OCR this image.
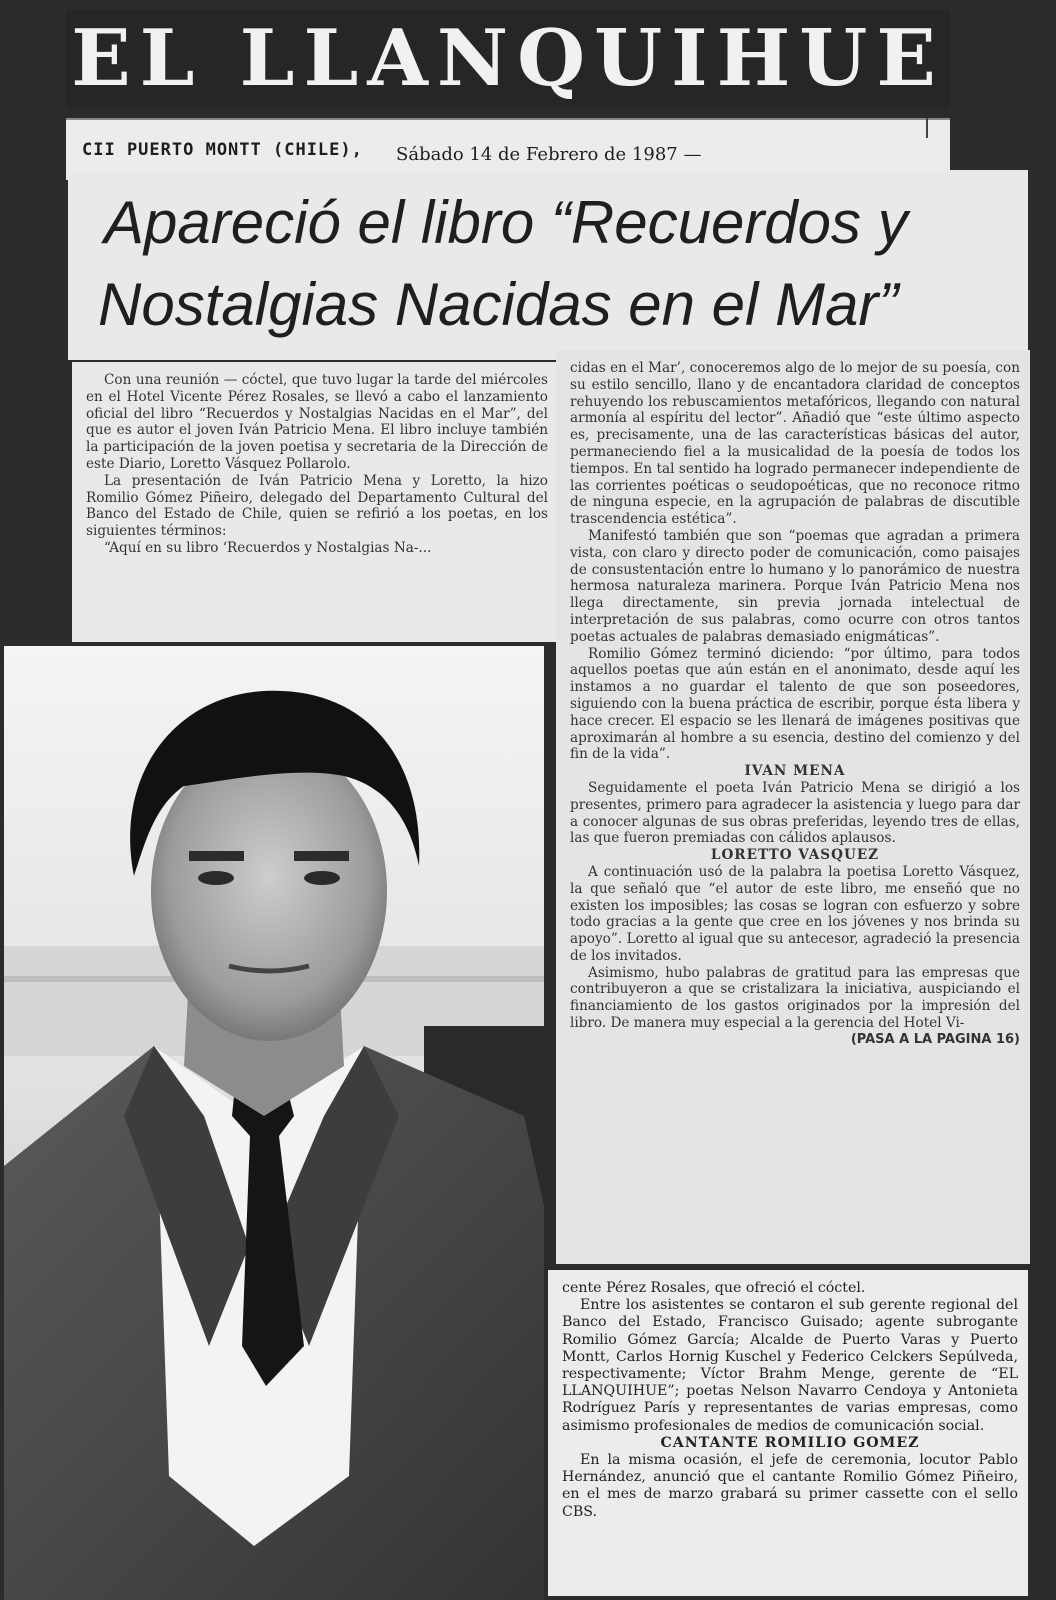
EL LLANQUIHUE
CII PUERTO MONTT (CHILE), Sábado 14 de Febrero de 1987 —
Apareció el libro “Recuerdos y
Nostalgias Nacidas en el Mar”

Con una reunión — cóctel, que tuvo lugar la tarde del miércoles en el Hotel Vicente Pérez Rosales, se llevó a cabo el lanzamiento oficial del libro “Recuerdos y Nostalgias Nacidas en el Mar”, del que es autor el joven Iván Patricio Mena. El libro incluye también la participación de la joven poetisa y secretaria de la Dirección de este Diario, Loretto Vásquez Pollarolo.

La presentación de Iván Patricio Mena y Loretto, la hizo Romilio Gómez Piñeiro, delegado del Departamento Cultural del Banco del Estado de Chile, quien se refirió a los poetas, en los siguientes términos:

“Aquí en su libro ‘Recuerdos y Nostalgias Na-...

cidas en el Mar’, conoceremos algo de lo mejor de su poesía, con su estilo sencillo, llano y de encantadora claridad de conceptos rehuyendo los rebuscamientos metafóricos, llegando con natural armonía al espíritu del lector”. Añadió que “este último aspecto es, precisamente, una de las características básicas del autor, permaneciendo fiel a la musicalidad de la poesía de todos los tiempos. En tal sentido ha logrado permanecer independiente de las corrientes poéticas o seudopoéticas, que no reconoce ritmo de ninguna especie, en la agrupación de palabras de discutible trascendencia estética”.

Manifestó también que son “poemas que agradan a primera vista, con claro y directo poder de comunicación, como paisajes de consustentación entre lo humano y lo panorámico de nuestra hermosa naturaleza marinera. Porque Iván Patricio Mena nos llega directamente, sin previa jornada intelectual de interpretación de sus palabras, como ocurre con otros tantos poetas actuales de palabras demasiado enigmáticas”.

Romilio Gómez terminó diciendo: “por último, para todos aquellos poetas que aún están en el anonimato, desde aquí les instamos a no guardar el talento de que son poseedores, siguiendo con la buena práctica de escribir, porque ésta libera y hace crecer. El espacio se les llenará de imágenes positivas que aproximarán al hombre a su esencia, destino del comienzo y del fin de la vida”.

IVAN MENA

Seguidamente el poeta Iván Patricio Mena se dirigió a los presentes, primero para agradecer la asistencia y luego para dar a conocer algunas de sus obras preferidas, leyendo tres de ellas, las que fueron premiadas con cálidos aplausos.

LORETTO VASQUEZ

A continuación usó de la palabra la poetisa Loretto Vásquez, la que señaló que “el autor de este libro, me enseñó que no existen los imposibles; las cosas se logran con esfuerzo y sobre todo gracias a la gente que cree en los jóvenes y nos brinda su apoyo”. Loretto al igual que su antecesor, agradeció la presencia de los invitados.

Asimismo, hubo palabras de gratitud para las empresas que contribuyeron a que se cristalizara la iniciativa, auspiciando el financiamiento de los gastos originados por la impresión del libro. De manera muy especial a la gerencia del Hotel Vi-

(PASA A LA PAGINA 16)

cente Pérez Rosales, que ofreció el cóctel.

Entre los asistentes se contaron el sub gerente regional del Banco del Estado, Francisco Guisado; agente subrogante Romilio Gómez García; Alcalde de Puerto Varas y Puerto Montt, Carlos Hornig Kuschel y Federico Celckers Sepúlveda, respectivamente; Víctor Brahm Menge, gerente de “EL LLANQUIHUE”; poetas Nelson Navarro Cendoya y Antonieta Rodríguez París y representantes de varias empresas, como asimismo profesionales de medios de comunicación social.

CANTANTE ROMILIO GOMEZ

En la misma ocasión, el jefe de ceremonia, locutor Pablo Hernández, anunció que el cantante Romilio Gómez Piñeiro, en el mes de marzo grabará su primer cassette con el sello CBS.
